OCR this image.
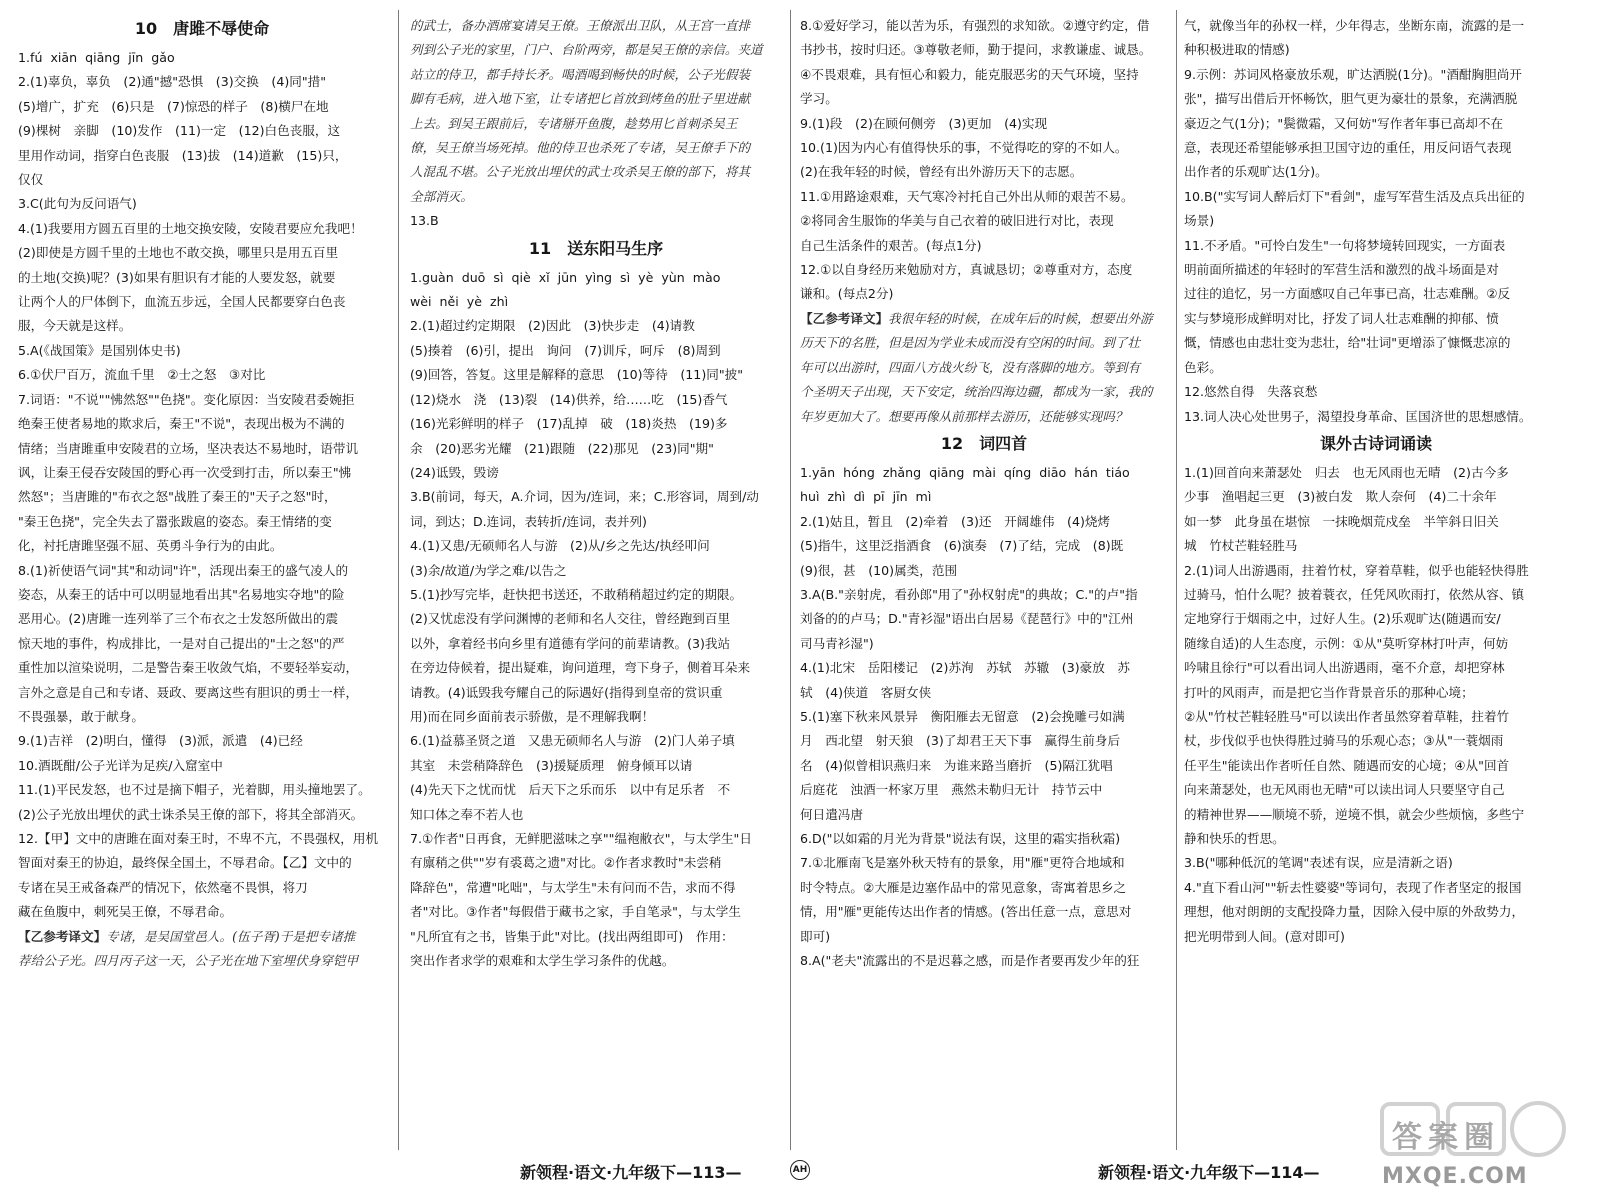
10　唐雎不辱使命

1.fú  xiān  qiāng  jīn  gǎo

2.(1)辜负，辜负　(2)通"撼"恐惧　(3)交换　(4)同"措"

(5)增广，扩充　(6)只是　(7)惊恐的样子　(8)横尸在地

(9)棵树　亲脚　(10)发作　(11)一定　(12)白色丧服，这

里用作动词，指穿白色丧服　(13)拔　(14)道歉　(15)只，

仅仅

3.C(此句为反问语气)

4.(1)我要用方圆五百里的土地交换安陵，安陵君要应允我吧！

(2)即使是方圆千里的土地也不敢交换，哪里只是用五百里

的土地(交换)呢？(3)如果有胆识有才能的人要发怒，就要

让两个人的尸体倒下，血流五步远，全国人民都要穿白色丧

服，今天就是这样。

5.A(《战国策》是国别体史书)

6.①伏尸百万，流血千里　②士之怒　③对比

7.词语："不说""怫然怒""色挠"。变化原因：当安陵君委婉拒

绝秦王使者易地的欺求后，秦王"不说"，表现出极为不满的

情绪；当唐雎重申安陵君的立场，坚决表达不易地时，语带讥

讽，让秦王侵吞安陵国的野心再一次受到打击，所以秦王"怫

然怒"；当唐雎的"布衣之怒"战胜了秦王的"天子之怒"时，

"秦王色挠"，完全失去了嚣张跋扈的姿态。秦王情绪的变

化，衬托唐雎坚强不屈、英勇斗争行为的由此。

8.(1)祈使语气词"其"和动词"许"，活现出秦王的盛气凌人的

姿态，从秦王的话中可以明显地看出其"名易地实夺地"的险

恶用心。(2)唐雎一连列举了三个布衣之士发怒所做出的震

惊天地的事件，构成排比，一是对自己提出的"士之怒"的严

重性加以渲染说明，二是警告秦王收敛气焰，不要轻举妄动，

言外之意是自己和专诸、聂政、要离这些有胆识的勇士一样，

不畏强暴，敢于献身。

9.(1)吉祥　(2)明白，懂得　(3)派，派遣　(4)已经

10.酒既酣/公子光详为足疾/入窟室中

11.(1)平民发怒，也不过是摘下帽子，光着脚，用头撞地罢了。

(2)公子光放出埋伏的武士诛杀吴王僚的部下，将其全部消灭。

12.【甲】文中的唐雎在面对秦王时，不卑不亢，不畏强权，用机

智面对秦王的协迫，最终保全国土，不辱君命。【乙】文中的

专诸在吴王戒备森严的情况下，依然毫不畏惧，将刀

藏在鱼腹中，刺死吴王僚，不辱君命。

【乙参考译文】专诸，是吴国堂邑人。(伍子胥)于是把专诸推

荐给公子光。四月丙子这一天，公子光在地下室埋伏身穿铠甲

的武士，备办酒席宴请吴王僚。王僚派出卫队，从王宫一直排

列到公子光的家里，门户、台阶两旁，都是吴王僚的亲信。夹道

站立的侍卫，都手持长矛。喝酒喝到畅快的时候，公子光假装

脚有毛病，进入地下室，让专诸把匕首放到烤鱼的肚子里进献

上去。到吴王跟前后，专诸掰开鱼腹，趁势用匕首刺杀吴王

僚，吴王僚当场死掉。他的侍卫也杀死了专诸，吴王僚手下的

人混乱不堪。公子光放出埋伏的武士攻杀吴王僚的部下，将其

全部消灭。

13.B

11　送东阳马生序

1.guàn  duō  sì  qiè  xǐ  jūn  yìng  sì  yè  yùn  mào

wèi  něi  yè  zhì

2.(1)超过约定期限　(2)因此　(3)快步走　(4)请教

(5)揍着　(6)引，提出　询问　(7)训斥，呵斥　(8)周到

(9)回答，答复。这里是解释的意思　(10)等待　(11)同"披"

(12)烧水　浇　(13)裂　(14)供养，给……吃　(15)香气

(16)光彩鲜明的样子　(17)乱掉　破　(18)炎热　(19)多

余　(20)恶劣光耀　(21)跟随　(22)那见　(23)同"期"

(24)诋毁，毁谤

3.B(前词，每天，A.介词，因为/连词，来；C.形容词，周到/动

词，到达；D.连词，表转折/连词，表并列)

4.(1)又患/无硕师名人与游　(2)从/乡之先达/执经叩问

(3)余/故道/为学之难/以告之

5.(1)抄写完毕，赶快把书送还，不敢稍稍超过约定的期限。

(2)又忧虑没有学问渊博的老师和名人交往，曾经跑到百里

以外，拿着经书向乡里有道德有学问的前辈请教。(3)我站

在旁边侍候着，提出疑难，询问道理，弯下身子，侧着耳朵来

请教。(4)诋毁我夸耀自己的际遇好(指得到皇帝的赏识重

用)而在同乡面前表示骄傲，是不理解我啊！

6.(1)益慕圣贤之道　又患无硕师名人与游　(2)门人弟子填

其室　未尝稍降辞色　(3)援疑质理　俯身倾耳以请

(4)先天下之忧而忧　后天下之乐而乐　以中有足乐者　不

知口体之奉不若人也

7.①作者"日再食，无鲜肥滋味之享""缊袍敝衣"，与太学生"日

有廪稍之供""岁有裘葛之遗"对比。②作者求教时"未尝稍

降辞色"，常遭"叱咄"，与太学生"未有问而不告，求而不得

者"对比。③作者"每假借于藏书之家，手自笔录"，与太学生

"凡所宜有之书，皆集于此"对比。(找出两组即可)　作用：

突出作者求学的艰难和太学生学习条件的优越。

8.①爱好学习，能以苦为乐，有强烈的求知欲。②遵守约定，借

书抄书，按时归还。③尊敬老师，勤于提问，求教谦虚、诚恳。

④不畏艰难，具有恒心和毅力，能克服恶劣的天气环境，坚持

学习。

9.(1)段　(2)在顾何侧旁　(3)更加　(4)实现

10.(1)因为内心有值得快乐的事，不觉得吃的穿的不如人。

(2)在我年轻的时候，曾经有出外游历天下的志愿。

11.①用路途艰难，天气寒冷衬托自己外出从师的艰苦不易。

②将同舍生服饰的华美与自己衣着的破旧进行对比，表现

自己生活条件的艰苦。(每点1分)

12.①以自身经历来勉励对方，真诚恳切；②尊重对方，态度

谦和。(每点2分)

【乙参考译文】我很年轻的时候，在成年后的时候，想要出外游

历天下的名胜，但是因为学业未成而没有空闲的时间。到了壮

年可以出游时，四面八方战火纷飞，没有落脚的地方。等到有

个圣明天子出现，天下安定，统治四海边疆，都成为一家，我的

年岁更加大了。想要再像从前那样去游历，还能够实现吗？

12　词四首

1.yān  hóng  zhǎng  qiāng  mài  qíng  diāo  hán  tiáo

huì  zhì  dì  pī  jīn  mì

2.(1)姑且，暂且　(2)牵着　(3)还　开阔雄伟　(4)烧烤

(5)指牛，这里泛指酒食　(6)演奏　(7)了结，完成　(8)既

(9)很，甚　(10)属类，范围

3.A(B."亲射虎，看孙郎"用了"孙权射虎"的典故；C."的卢"指

刘备的的卢马；D."青衫湿"语出白居易《琵琶行》中的"江州

司马青衫湿")

4.(1)北宋　岳阳楼记　(2)苏洵　苏轼　苏辙　(3)豪放　苏

轼　(4)侠道　客厨女侠

5.(1)塞下秋来风景异　衡阳雁去无留意　(2)会挽雕弓如满

月　西北望　射天狼　(3)了却君王天下事　赢得生前身后

名　(4)似曾相识燕归来　为谁来路当磨折　(5)隔江犹唱

后庭花　浊酒一杯家万里　燕然未勒归无计　持节云中

何日遣冯唐

6.D("以如霜的月光为背景"说法有误，这里的霜实指秋霜)

7.①北雁南飞是塞外秋天特有的景象，用"雁"更符合地域和

时令特点。②大雁是边塞作品中的常见意象，寄寓着思乡之

情，用"雁"更能传达出作者的情感。(答出任意一点，意思对

即可)

8.A("老夫"流露出的不是迟暮之感，而是作者要再发少年的狂

气，就像当年的孙权一样，少年得志，坐断东南，流露的是一

种积极进取的情感)

9.示例：苏词风格豪放乐观，旷达洒脱(1分)。"酒酣胸胆尚开

张"，描写出借后开怀畅饮，胆气更为豪壮的景象，充满洒脱

豪迈之气(1分)；"鬓微霜，又何妨"写作者年事已高却不在

意，表现还希望能够承担卫国守边的重任，用反问语气表现

出作者的乐观旷达(1分)。

10.B("实写词人醉后灯下"看剑"，虚写军营生活及点兵出征的

场景)

11.不矛盾。"可怜白发生"一句将梦境转回现实，一方面表

明前面所描述的年轻时的军营生活和激烈的战斗场面是对

过往的追忆，另一方面感叹自己年事已高，壮志难酬。②反

实与梦境形成鲜明对比，抒发了词人壮志难酬的抑郁、愤

慨，情感也由悲壮变为悲壮，给"壮词"更增添了慷慨悲凉的

色彩。

12.悠然自得　失落哀愁

13.词人决心处世男子，渴望投身革命、匡国济世的思想感情。

课外古诗词诵读

1.(1)回首向来萧瑟处　归去　也无风雨也无晴　(2)古今多

少事　渔唱起三更　(3)被白发　欺人奈何　(4)二十余年

如一梦　此身虽在堪惊　一抹晚烟荒戍垒　半竿斜日旧关

城　竹杖芒鞋轻胜马

2.(1)词人出游遇雨，拄着竹杖，穿着草鞋，似乎也能轻快得胜

过骑马，怕什么呢？披着蓑衣，任凭风吹雨打，依然从容、镇

定地穿行于烟雨之中，过好人生。(2)乐观旷达(随遇而安/

随缘自适)的人生态度，示例：①从"莫听穿林打叶声，何妨

吟啸且徐行"可以看出词人出游遇雨，毫不介意，却把穿林

打叶的风雨声，而是把它当作背景音乐的那种心境；

②从"竹杖芒鞋轻胜马"可以读出作者虽然穿着草鞋，拄着竹

杖，步伐似乎也快得胜过骑马的乐观心态；③从"一蓑烟雨

任平生"能读出作者听任自然、随遇而安的心境；④从"回首

向来萧瑟处，也无风雨也无晴"可以读出词人只要坚守自己

的精神世界——顺境不骄，逆境不惧，就会少些烦恼，多些宁

静和快乐的哲思。

3.B("哪种低沉的笔调"表述有误，应是清新之语)

4."直下看山河""斩去性婆婆"等词句，表现了作者坚定的报国

理想，他对朗朗的支配投降力量，因除入侵中原的外敌势力，

把光明带到人间。(意对即可)

新领程·语文·九年级下—113—	AH	新领程·语文·九年级下—114—	MXQE.COM
答案圈
